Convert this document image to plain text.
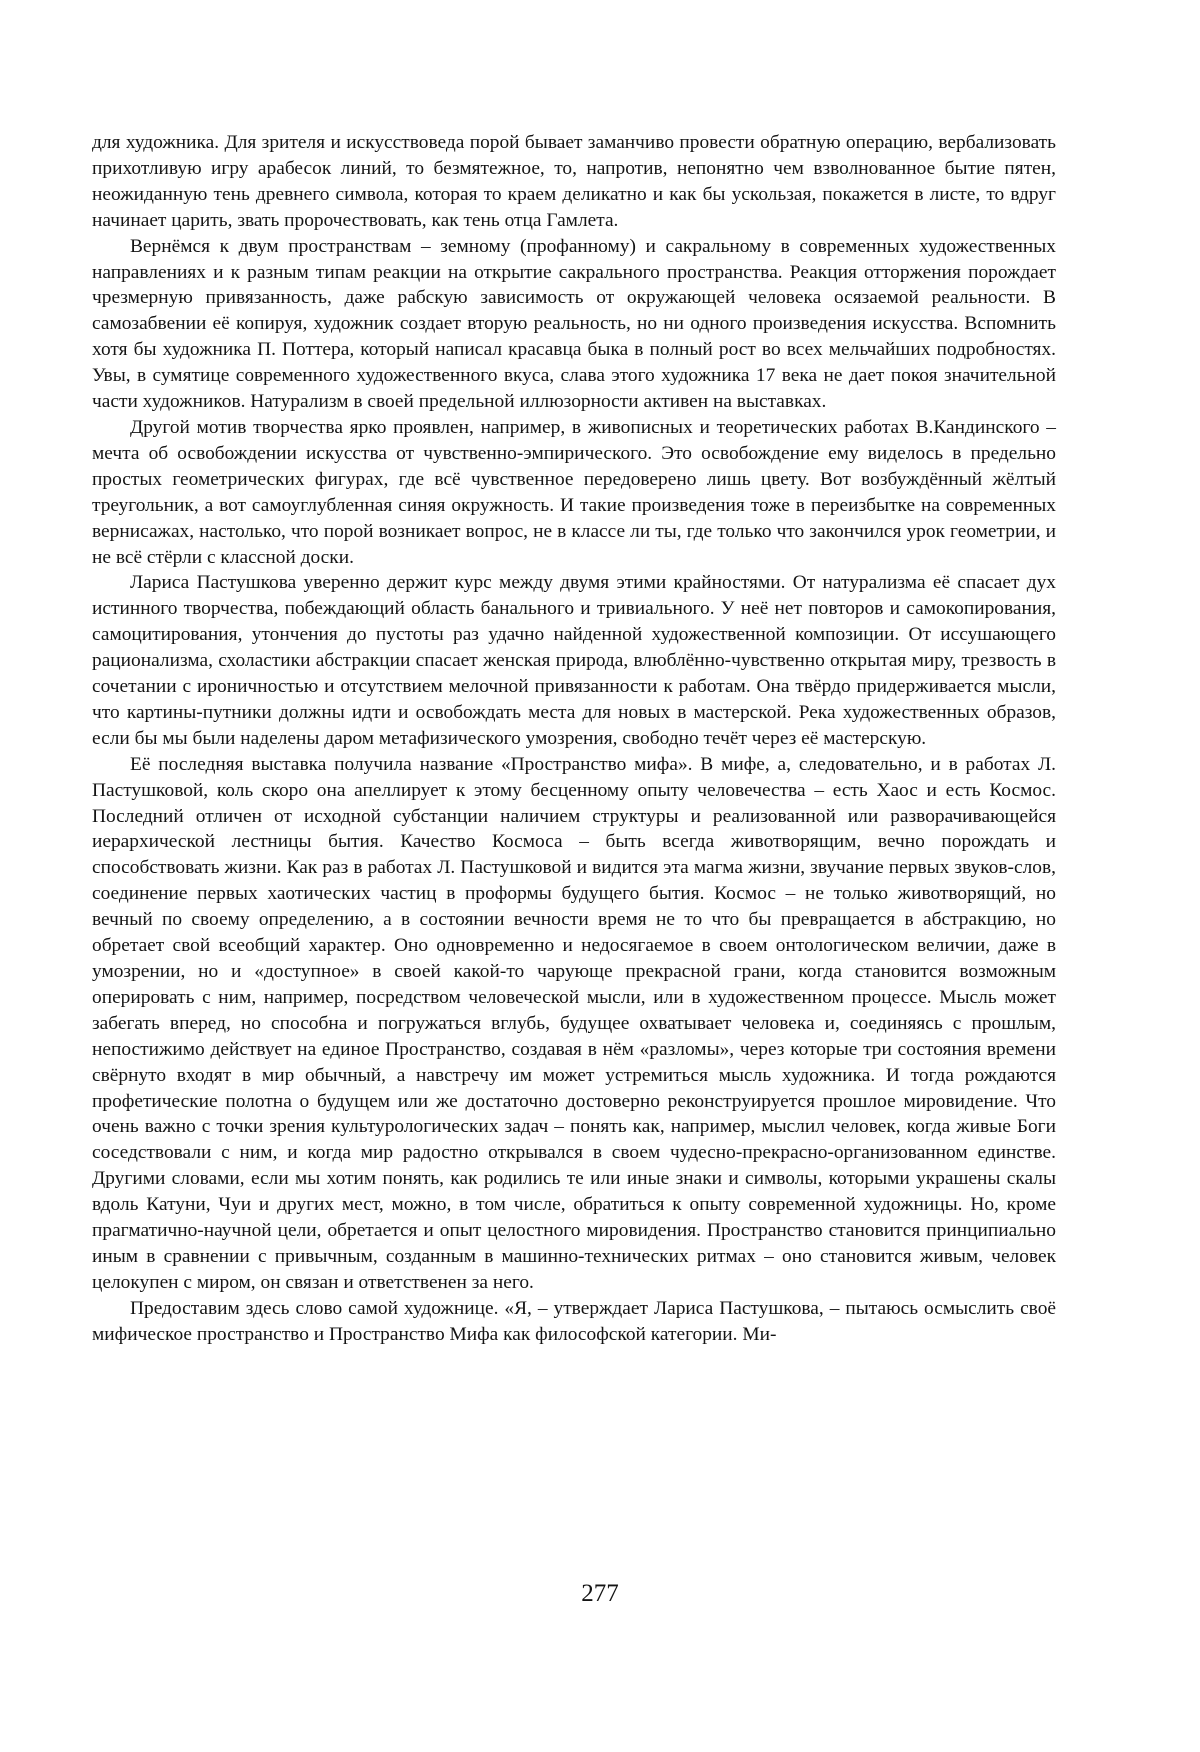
для художника. Для зрителя и искусствоведа порой бывает заманчиво провести обратную операцию, вербализовать прихотливую игру арабесок линий, то безмятежное, то, напротив, непонятно чем взволнованное бытие пятен, неожиданную тень древнего символа, которая то краем деликатно и как бы ускользая, покажется в листе, то вдруг начинает царить, звать пророчествовать, как тень отца Гамлета.

Вернёмся к двум пространствам – земному (профанному) и сакральному в современных художественных направлениях и к разным типам реакции на открытие сакрального пространства. Реакция отторжения порождает чрезмерную привязанность, даже рабскую зависимость от окружающей человека осязаемой реальности. В самозабвении её копируя, художник создает вторую реальность, но ни одного произведения искусства. Вспомнить хотя бы художника П. Поттера, который написал красавца быка в полный рост во всех мельчайших подробностях. Увы, в сумятице современного художественного вкуса, слава этого художника 17 века не дает покоя значительной части художников. Натурализм в своей предельной иллюзорности активен на выставках.

Другой мотив творчества ярко проявлен, например, в живописных и теоретических работах В.Кандинского – мечта об освобождении искусства от чувственно-эмпирического. Это освобождение ему виделось в предельно простых геометрических фигурах, где всё чувственное передоверено лишь цвету. Вот возбуждённый жёлтый треугольник, а вот самоуглубленная синяя окружность. И такие произведения тоже в переизбытке на современных вернисажах, настолько, что порой возникает вопрос, не в классе ли ты, где только что закончился урок геометрии, и не всё стёрли с классной доски.

Лариса Пастушкова уверенно держит курс между двумя этими крайностями. От натурализма её спасает дух истинного творчества, побеждающий область банального и тривиального. У неё нет повторов и самокопирования, самоцитирования, утончения до пустоты раз удачно найденной художественной композиции. От иссушающего рационализма, схоластики абстракции спасает женская природа, влюблённо-чувственно открытая миру, трезвость в сочетании с ироничностью и отсутствием мелочной привязанности к работам. Она твёрдо придерживается мысли, что картины-путники должны идти и освобождать места для новых в мастерской. Река художественных образов, если бы мы были наделены даром метафизического умозрения, свободно течёт через её мастерскую.

Её последняя выставка получила название «Пространство мифа». В мифе, а, следовательно, и в работах Л. Пастушковой, коль скоро она апеллирует к этому бесценному опыту человечества – есть Хаос и есть Космос. Последний отличен от исходной субстанции наличием структуры и реализованной или разворачивающейся иерархической лестницы бытия. Качество Космоса – быть всегда животворящим, вечно порождать и способствовать жизни. Как раз в работах Л. Пастушковой и видится эта магма жизни, звучание первых звуков-слов, соединение первых хаотических частиц в проформы будущего бытия. Космос – не только животворящий, но вечный по своему определению, а в состоянии вечности время не то что бы превращается в абстракцию, но обретает свой всеобщий характер. Оно одновременно и недосягаемое в своем онтологическом величии, даже в умозрении, но и «доступное» в своей какой-то чарующе прекрасной грани, когда становится возможным оперировать с ним, например, посредством человеческой мысли, или в художественном процессе. Мысль может забегать вперед, но способна и погружаться вглубь, будущее охватывает человека и, соединяясь с прошлым, непостижимо действует на единое Пространство, создавая в нём «разломы», через которые три состояния времени свёрнуто входят в мир обычный, а навстречу им может устремиться мысль художника. И тогда рождаются профетические полотна о будущем или же достаточно достоверно реконструируется прошлое мировидение. Что очень важно с точки зрения культурологических задач – понять как, например, мыслил человек, когда живые Боги соседствовали с ним, и когда мир радостно открывался в своем чудесно-прекрасно-организованном единстве. Другими словами, если мы хотим понять, как родились те или иные знаки и символы, которыми украшены скалы вдоль Катуни, Чуи и других мест, можно, в том числе, обратиться к опыту современной художницы. Но, кроме прагматично-научной цели, обретается и опыт целостного мировидения. Пространство становится принципиально иным в сравнении с привычным, созданным в машинно-технических ритмах – оно становится живым, человек целокупен с миром, он связан и ответственен за него.

Предоставим здесь слово самой художнице. «Я, – утверждает Лариса Пастушкова, – пытаюсь осмыслить своё мифическое пространство и Пространство Мифа как философской категории. Ми-

277
